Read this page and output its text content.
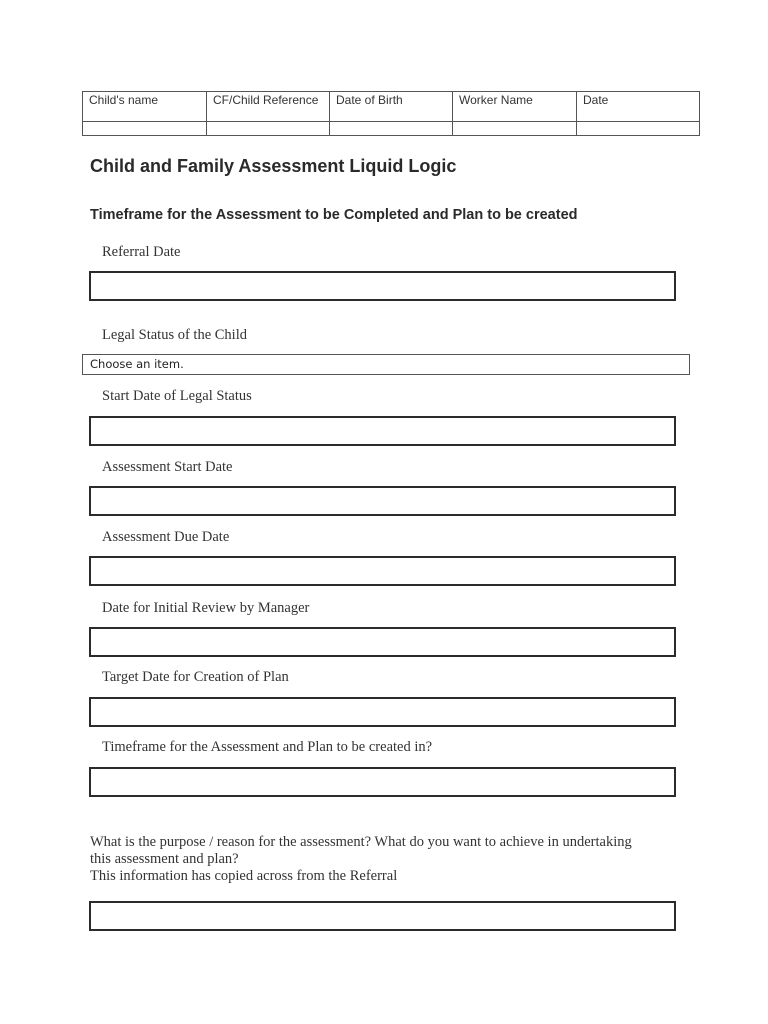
Child's name	CF/Child Reference	Date of Birth	Worker Name	Date

Child and Family Assessment Liquid Logic
Timeframe for the Assessment to be Completed and Plan to be created
Referral Date
Legal Status of the Child
Choose an item.
Start Date of Legal Status
Assessment Start Date
Assessment Due Date
Date for Initial Review by Manager
Target Date for Creation of Plan
Timeframe for the Assessment and Plan to be created in?
What is the purpose / reason for the assessment? What do you want to achieve in undertaking
this assessment and plan?
This information has copied across from the Referral
